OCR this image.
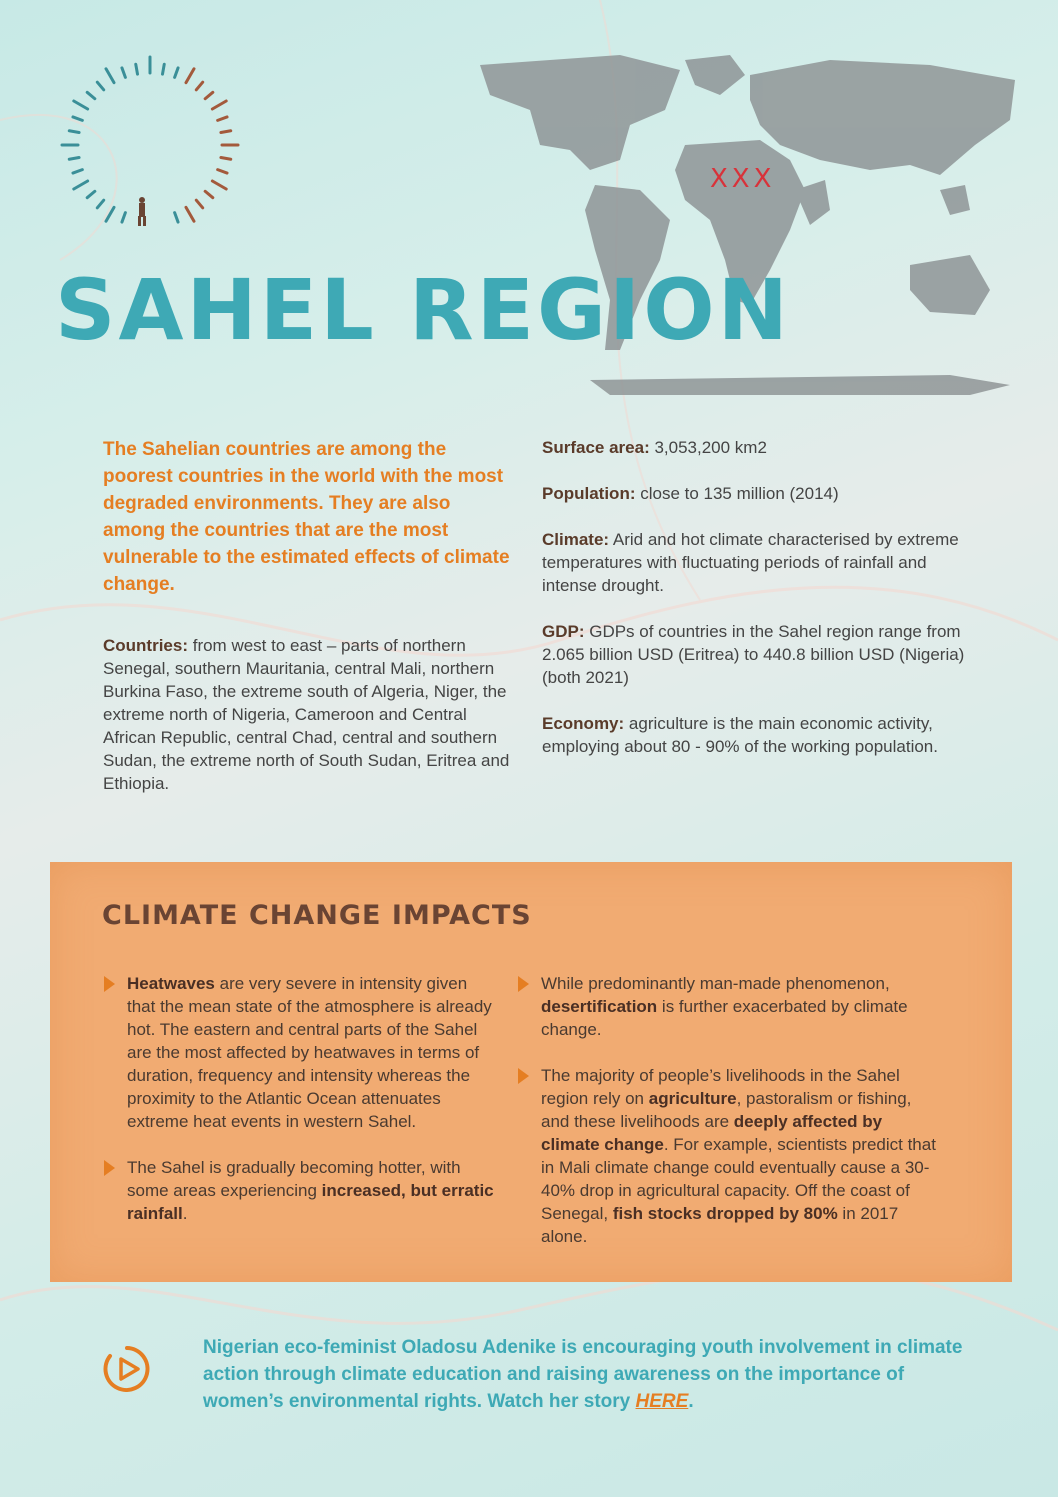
XXX
SAHEL REGION

The Sahelian countries are among the poorest countries in the world with the most degraded environments. They are also among the countries that are the most vulnerable to the estimated effects of climate change.

Countries: from west to east – parts of northern Senegal, southern Mauritania, central Mali, northern Burkina Faso, the extreme south of Algeria, Niger, the extreme north of Nigeria, Cameroon and Central African Republic, central Chad, central and southern Sudan, the extreme north of South Sudan, Eritrea and Ethiopia.

Surface area: 3,053,200 km2

Population: close to 135 million (2014)

Climate: Arid and hot climate characterised by extreme temperatures with fluctuating periods of rainfall and intense drought.

GDP: GDPs of countries in the Sahel region range from 2.065 billion USD (Eritrea) to 440.8 billion USD (Nigeria) (both 2021)

Economy: agriculture is the main economic activity, employing about 80 - 90% of the working population.

CLIMATE CHANGE IMPACTS
Heatwaves are very severe in intensity given that the mean state of the atmosphere is already hot. The eastern and central parts of the Sahel are the most affected by heatwaves in terms of duration, frequency and intensity whereas the proximity to the Atlantic Ocean attenuates extreme heat events in western Sahel.
The Sahel is gradually becoming hotter, with some areas experiencing increased, but erratic rainfall.
While predominantly man-made phenomenon, desertification is further exacerbated by climate change.
The majority of people’s livelihoods in the Sahel region rely on agriculture, pastoralism or fishing, and these livelihoods are deeply affected by climate change. For example, scientists predict that in Mali climate change could eventually cause a 30-40% drop in agricultural capacity. Off the coast of Senegal, fish stocks dropped by 80% in 2017 alone.

Nigerian eco-feminist Oladosu Adenike is encouraging youth involvement in climate action through climate education and raising awareness on the importance of women’s environmental rights. Watch her story HERE.
